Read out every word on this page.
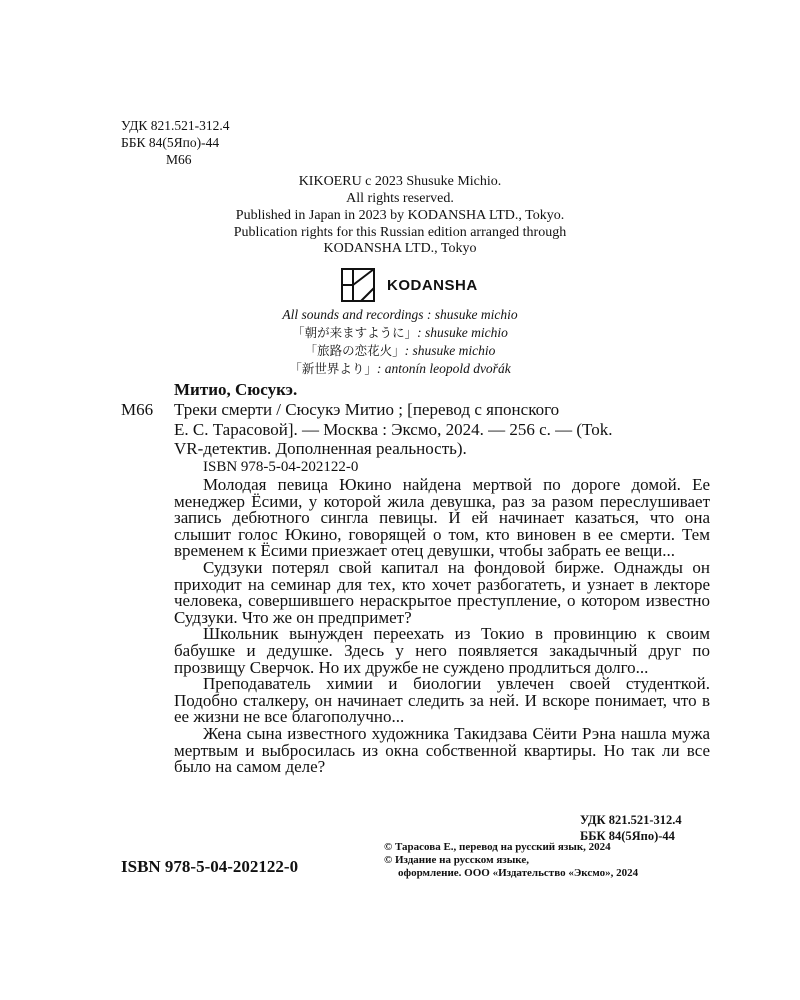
УДК 821.521-312.4
ББК 84(5Япо)-44
М66
KIKOERU c 2023 Shusuke Michio.
All rights reserved.
Published in Japan in 2023 by KODANSHA LTD., Tokyo.
Publication rights for this Russian edition arranged through
KODANSHA LTD., Tokyo
KODANSHA
All sounds and recordings : shusuke michio
「朝が来ますように」: shusuke michio
「旅路の恋花火」: shusuke michio
「新世界より」: antonín leopold dvořák
Митио, Сюсукэ.
М66 Треки смерти / Сюсукэ Митио ; [перевод с японского
Е. С. Тарасовой]. — Москва : Эксмо, 2024. — 256 с. — (Tok.
VR-детектив. Дополненная реальность).
ISBN 978-5-04-202122-0

Молодая певица Юкино найдена мертвой по дороге домой. Ее менеджер Ёсими, у которой жила девушка, раз за разом переслушивает запись дебютного сингла певицы. И ей начинает казаться, что она слышит голос Юкино, говорящей о том, кто виновен в ее смерти. Тем временем к Ёсими приезжает отец девушки, чтобы забрать ее вещи...

Судзуки потерял свой капитал на фондовой бирже. Однажды он приходит на семинар для тех, кто хочет разбогатеть, и узнает в лекторе человека, совершившего нераскрытое преступление, о котором известно Судзуки. Что же он предпримет?

Школьник вынужден переехать из Токио в провинцию к своим бабушке и дедушке. Здесь у него появляется закадычный друг по прозвищу Сверчок. Но их дружбе не суждено продлиться долго...

Преподаватель химии и биологии увлечен своей студенткой. Подобно сталкеру, он начинает следить за ней. И вскоре понимает, что в ее жизни не все благополучно...

Жена сына известного художника Такидзава Сёити Рэна нашла мужа мертвым и выбросилась из окна собственной квартиры. Но так ли все было на самом деле?

УДК 821.521-312.4
ББК 84(5Япо)-44
ISBN 978-5-04-202122-0
© Тарасова Е., перевод на русский язык, 2024
© Издание на русском языке,
оформление. ООО «Издательство «Эксмо», 2024
